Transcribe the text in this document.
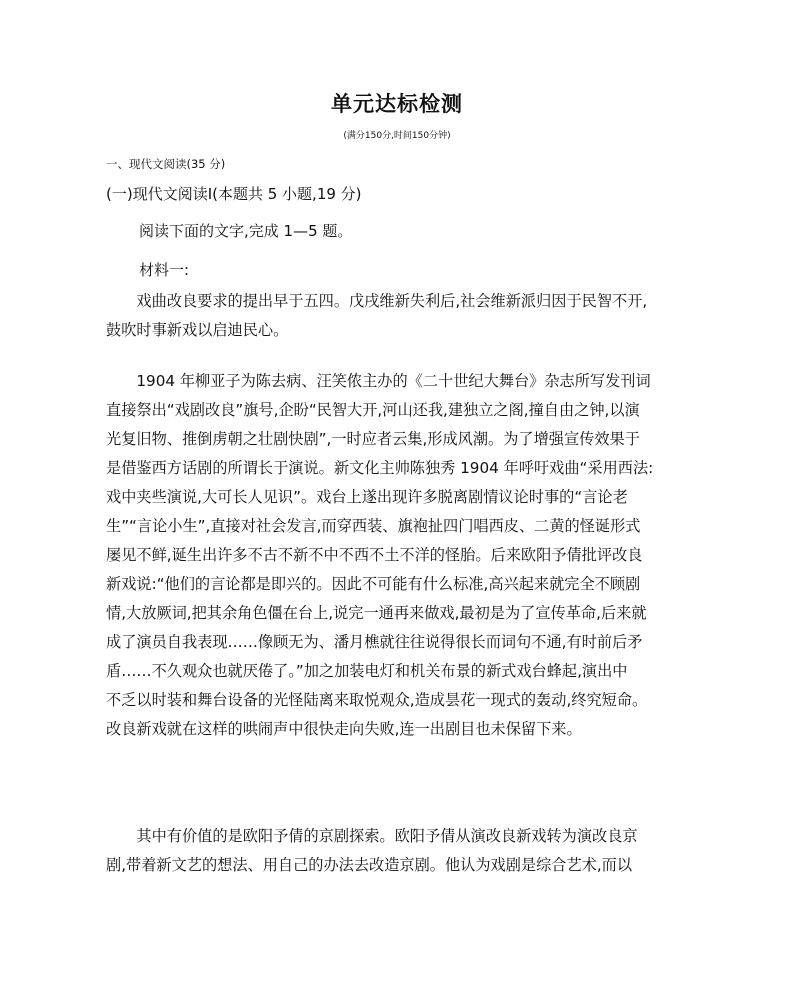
单元达标检测
(满分150分,时间150分钟)
一、现代文阅读(35 分)
(一)现代文阅读Ⅰ(本题共 5 小题,19 分)
阅读下面的文字,完成 1—5 题。
材料一:
　　戏曲改良要求的提出早于五四。戊戌维新失利后,社会维新派归因于民智不开,
鼓吹时事新戏以启迪民心。
　　1904 年柳亚子为陈去病、汪笑侬主办的《二十世纪大舞台》杂志所写发刊词
直接祭出“戏剧改良”旗号,企盼“民智大开,河山还我,建独立之阁,撞自由之钟,以演
光复旧物、推倒虏朝之壮剧快剧”,一时应者云集,形成风潮。为了增强宣传效果于
是借鉴西方话剧的所谓长于演说。新文化主帅陈独秀 1904 年呼吁戏曲“采用西法:
戏中夹些演说,大可长人见识”。戏台上遂出现许多脱离剧情议论时事的“言论老
生”“言论小生”,直接对社会发言,而穿西装、旗袍扯四门唱西皮、二黄的怪诞形式
屡见不鲜,诞生出许多不古不新不中不西不土不洋的怪胎。后来欧阳予倩批评改良
新戏说:“他们的言论都是即兴的。因此不可能有什么标准,高兴起来就完全不顾剧
情,大放厥词,把其余角色僵在台上,说完一通再来做戏,最初是为了宣传革命,后来就
成了演员自我表现……像顾无为、潘月樵就往往说得很长而词句不通,有时前后矛
盾……不久观众也就厌倦了。”加之加装电灯和机关布景的新式戏台蜂起,演出中
不乏以时装和舞台设备的光怪陆离来取悦观众,造成昙花一现式的轰动,终究短命。
改良新戏就在这样的哄闹声中很快走向失败,连一出剧目也未保留下来。
　　其中有价值的是欧阳予倩的京剧探索。欧阳予倩从演改良新戏转为演改良京
剧,带着新文艺的想法、用自己的办法去改造京剧。他认为戏剧是综合艺术,而以
